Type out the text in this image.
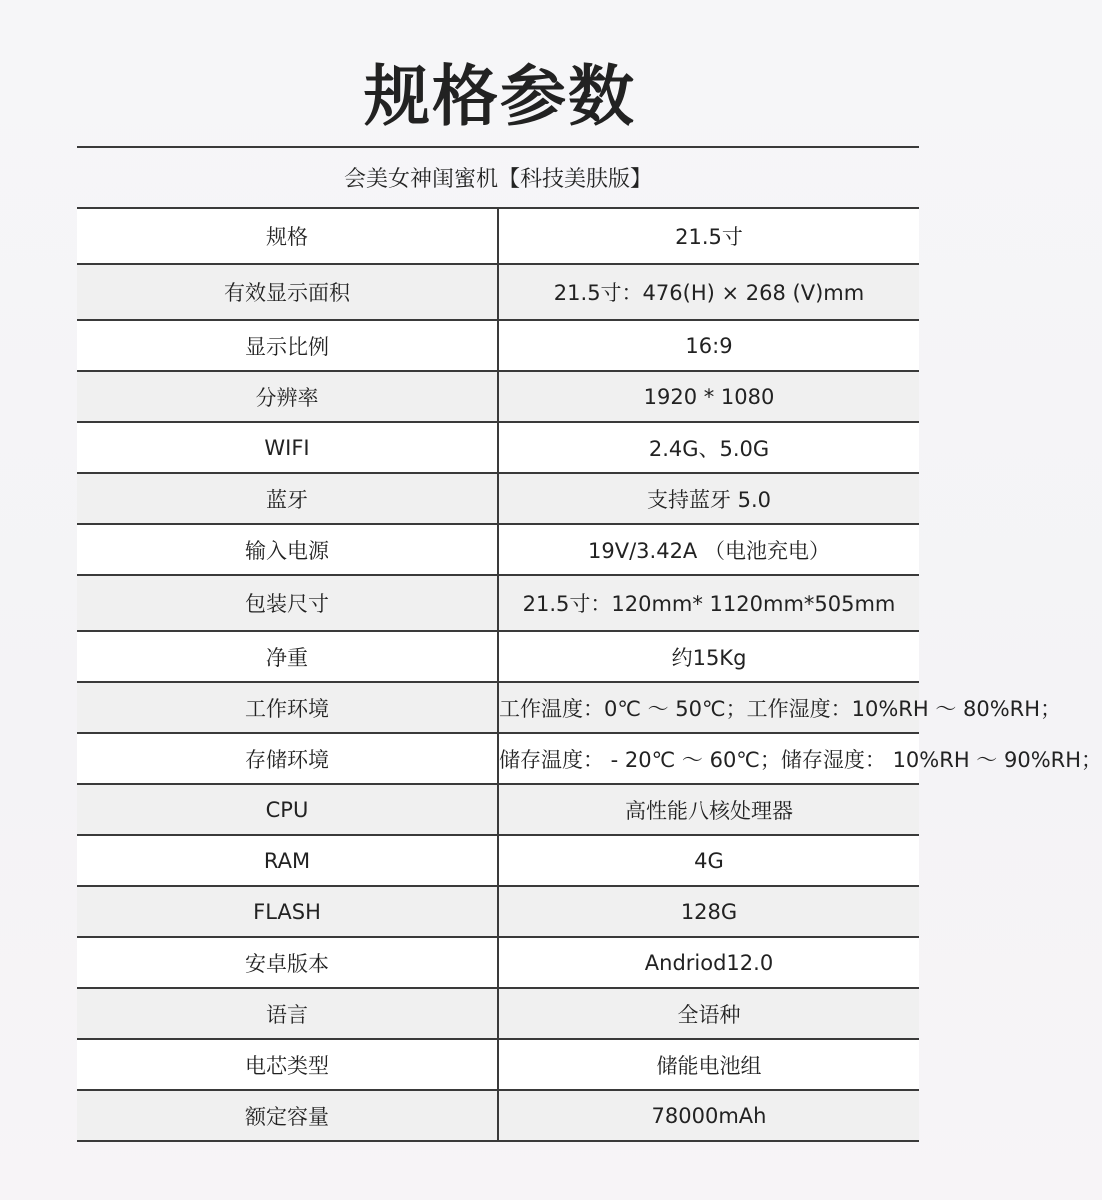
规格参数
会美女神闺蜜机【科技美肤版】	
规格	21.5寸
有效显示面积	21.5寸：476(H) × 268 (V)mm
显示比例	16:9
分辨率	1920 * 1080
WIFI	2.4G、5.0G
蓝牙	支持蓝牙 5.0
输入电源	19V/3.42A （电池充电）
包装尺寸	21.5寸：120mm* 1120mm*505mm
净重	约15Kg
工作环境	工作温度：0℃ ～ 50℃；工作湿度：10%RH ～ 80%RH；
存储环境	储存温度： - 20℃ ～ 60℃；储存湿度： 10%RH ～ 90%RH；
CPU	高性能八核处理器
RAM	4G
FLASH	128G
安卓版本	Andriod12.0
语言	全语种
电芯类型	储能电池组
额定容量	78000mAh
